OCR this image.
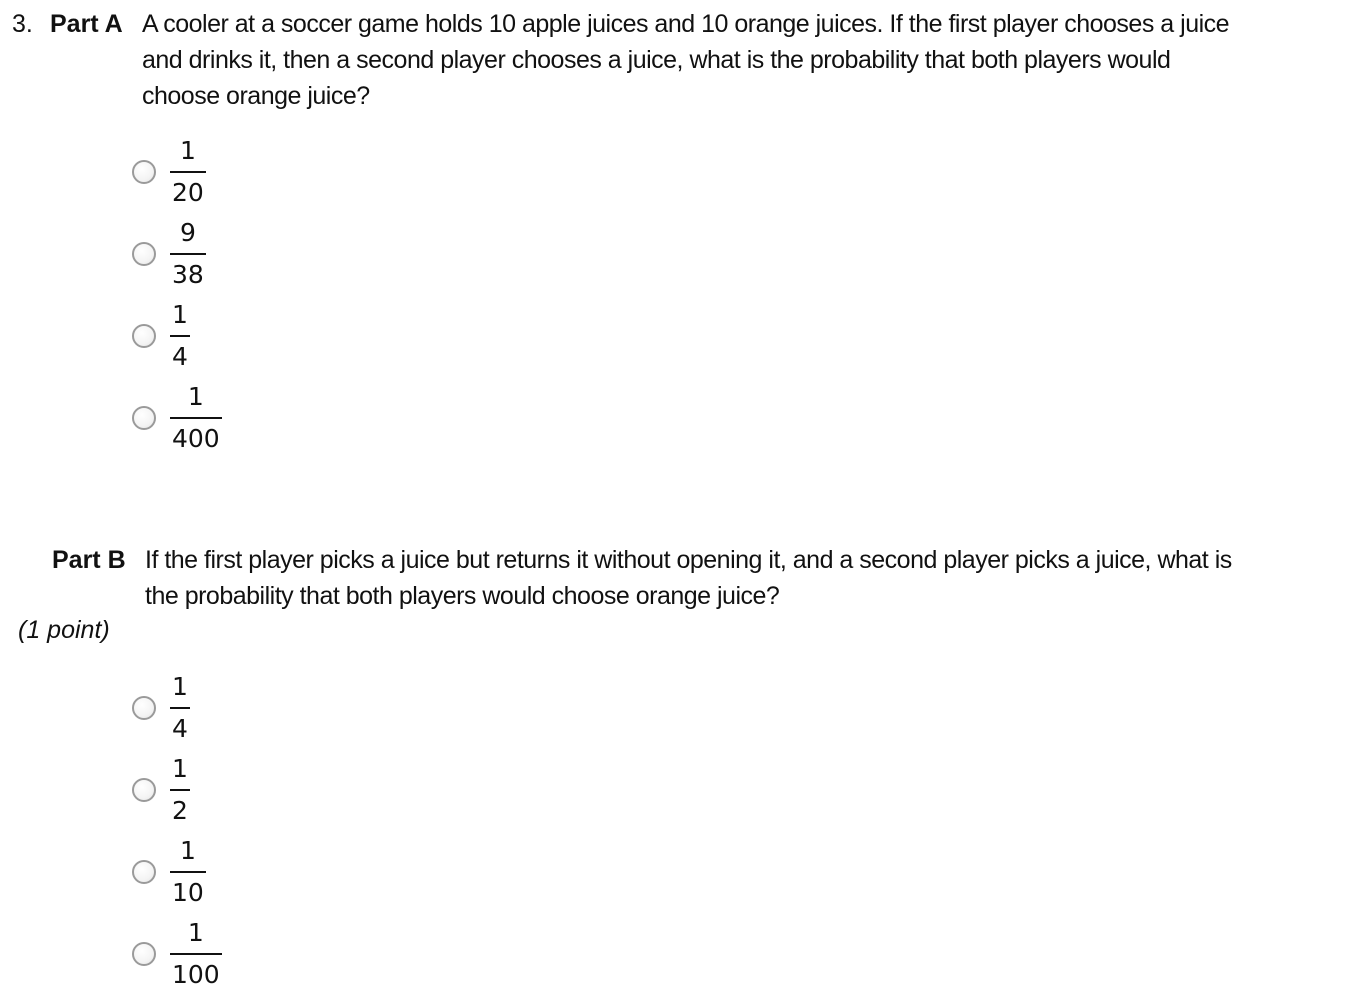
3. Part A A cooler at a soccer game holds 10 apple juices and 10 orange juices. If the first player chooses a juice
and drinks it, then a second player chooses a juice, what is the probability that both players would
choose orange juice?
1
20
9
38
1
4
1
400
Part B If the first player picks a juice but returns it without opening it, and a second player picks a juice, what is
the probability that both players would choose orange juice?
(1 point)
1
4
1
2
1
10
1
100
